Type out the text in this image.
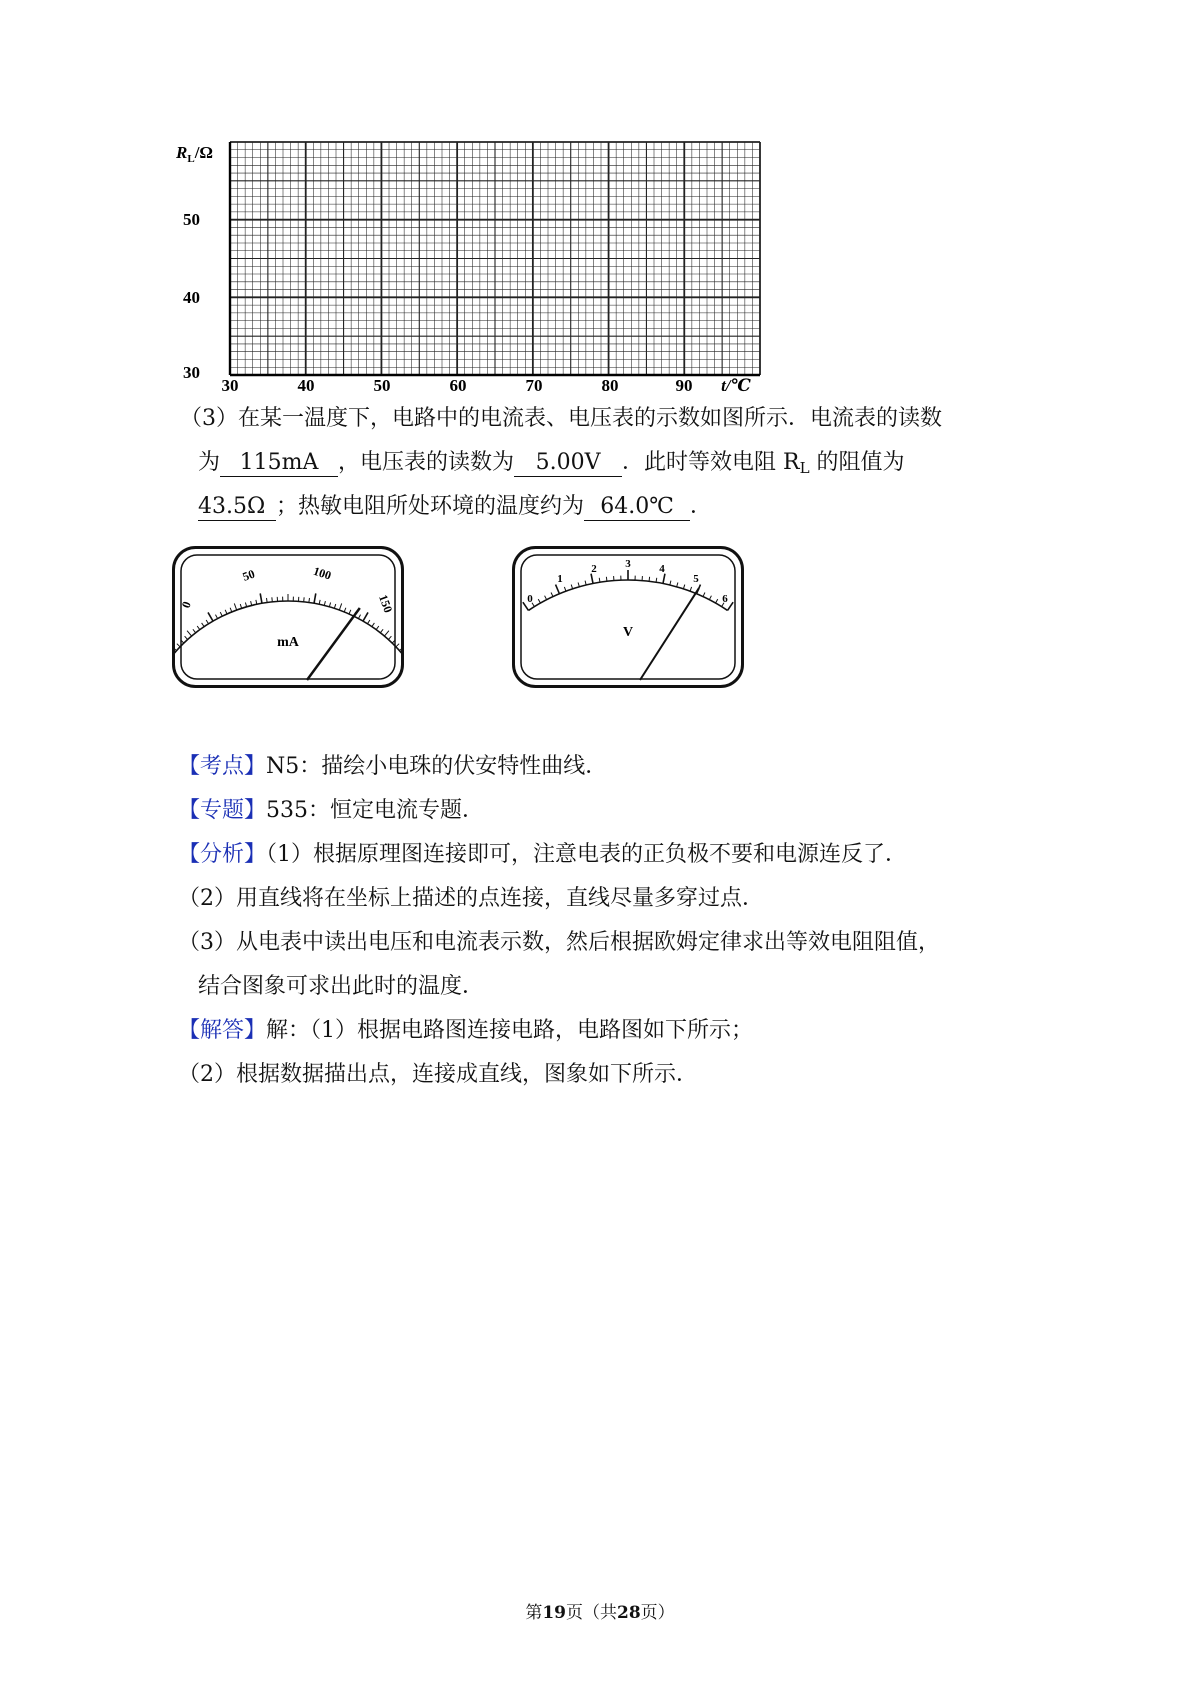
$R_L/\Omega$
50
40
30
30	40	50	60	70	80	90 t/℃
（3）在某一温度下，电路中的电流表、电压表的示数如图所示．电流表的读数
为 115mA ，电压表的读数为 5.00V ．此时等效电阻 $R_L$ 的阻值为
43.5Ω ；热敏电阻所处环境的温度约为 64.0℃ ．
0
50	100
150
mA
0
1
2	3	4
5
6
V
【考点】N5：描绘小电珠的伏安特性曲线．
【专题】535：恒定电流专题．
【分析】（1）根据原理图连接即可，注意电表的正负极不要和电源连反了．
（2）用直线将在坐标上描述的点连接，直线尽量多穿过点．
（3）从电表中读出电压和电流表示数，然后根据欧姆定律求出等效电阻阻值，
结合图象可求出此时的温度．
【解答】解：（1）根据电路图连接电路，电路图如下所示；
（2）根据数据描出点，连接成直线，图象如下所示．
第19页（共28页）
